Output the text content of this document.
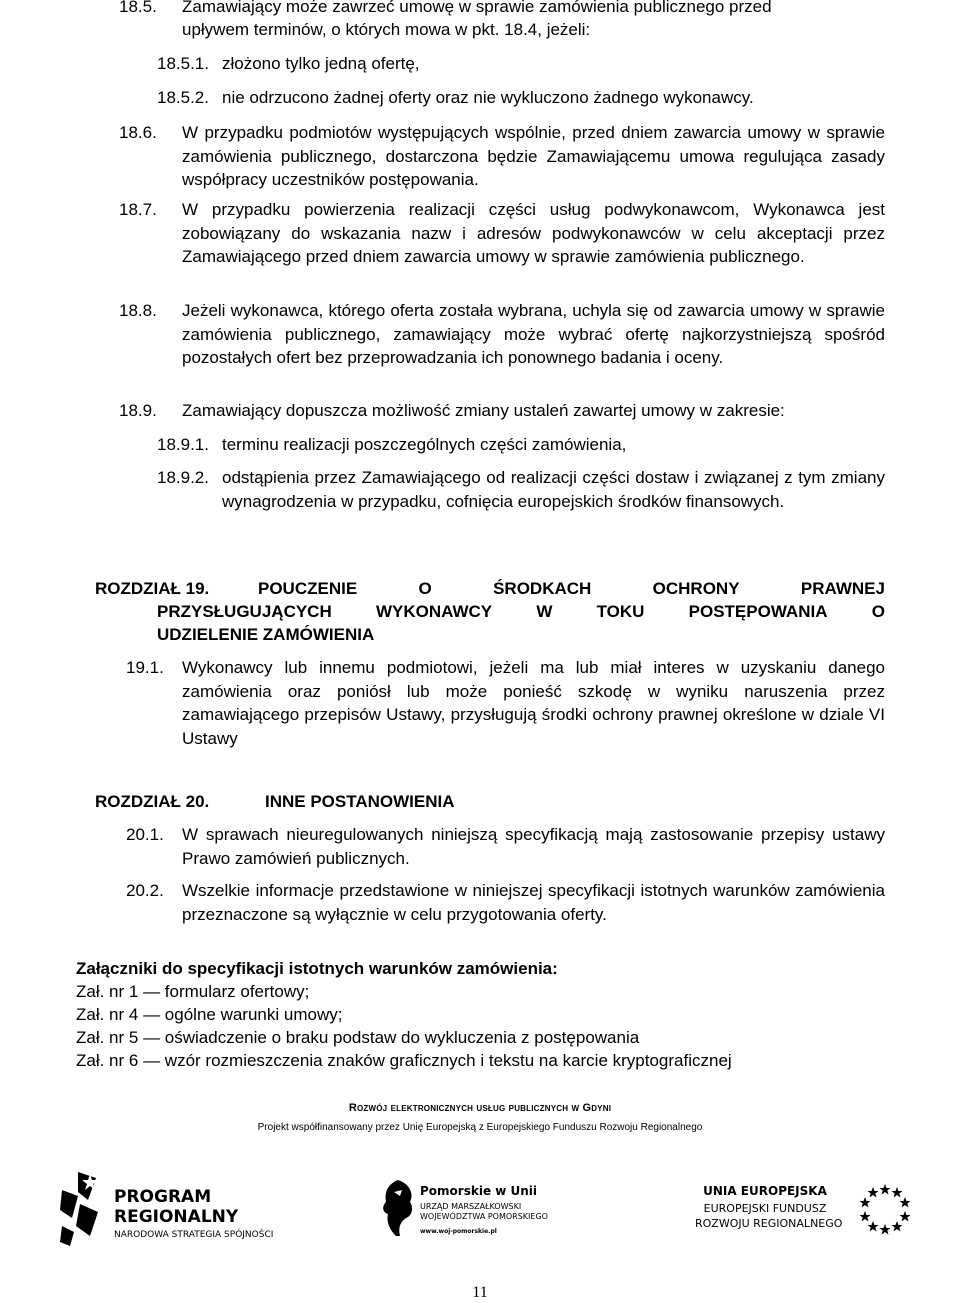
18.5. Zamawiający może zawrzeć umowę w sprawie zamówienia publicznego przed
upływem terminów, o których mowa w pkt. 18.4, jeżeli:
18.5.1. złożono tylko jedną ofertę,
18.5.2. nie odrzucono żadnej oferty oraz nie wykluczono żadnego wykonawcy.
18.6. W przypadku podmiotów występujących wspólnie, przed dniem zawarcia umowy w sprawie zamówienia publicznego, dostarczona będzie Zamawiającemu umowa regulująca zasady współpracy uczestników postępowania.
18.7. W przypadku powierzenia realizacji części usług podwykonawcom, Wykonawca jest zobowiązany do wskazania nazw i adresów podwykonawców w celu akceptacji przez Zamawiającego przed dniem zawarcia umowy w sprawie zamówienia publicznego.
18.8. Jeżeli wykonawca, którego oferta została wybrana, uchyla się od zawarcia umowy w sprawie zamówienia publicznego, zamawiający może wybrać ofertę najkorzystniejszą spośród pozostałych ofert bez przeprowadzania ich ponownego badania i oceny.
18.9. Zamawiający dopuszcza możliwość zmiany ustaleń zawartej umowy w zakresie:
18.9.1. terminu realizacji poszczególnych części zamówienia,
18.9.2. odstąpienia przez Zamawiającego od realizacji części dostaw i związanej z tym zmiany wynagrodzenia w przypadku, cofnięcia europejskich środków finansowych.
ROZDZIAŁ 19.	POUCZENIE	O	ŚRODKACH	OCHRONY	PRAWNEJ
PRZYSŁUGUJĄCYCH	WYKONAWCY	W	TOKU	POSTĘPOWANIA	O
UDZIELENIE ZAMÓWIENIA
19.1. Wykonawcy lub innemu podmiotowi, jeżeli ma lub miał interes w uzyskaniu danego zamówienia oraz poniósł lub może ponieść szkodę w wyniku naruszenia przez zamawiającego przepisów Ustawy, przysługują środki ochrony prawnej określone w dziale VI Ustawy
ROZDZIAŁ 20.	INNE POSTANOWIENIA
20.1. W sprawach nieuregulowanych niniejszą specyfikacją mają zastosowanie przepisy ustawy Prawo zamówień publicznych.
20.2. Wszelkie informacje przedstawione w niniejszej specyfikacji istotnych warunków zamówienia przeznaczone są wyłącznie w celu przygotowania oferty.
Załączniki do specyfikacji istotnych warunków zamówienia:
Zał. nr 1 — formularz ofertowy;
Zał. nr 4 — ogólne warunki umowy;
Zał. nr 5 — oświadczenie o braku podstaw do wykluczenia z postępowania
Zał. nr 6 — wzór rozmieszczenia znaków graficznych i tekstu na karcie kryptograficznej
Rozwój elektronicznych usług publicznych w Gdyni
Projekt współfinansowany przez Unię Europejską z Europejskiego Funduszu Rozwoju Regionalnego
PROGRAM
REGIONALNY
NARODOWA STRATEGIA SPÓJNOŚCI
Pomorskie w Unii
URZĄD MARSZAŁKOWSKI
WOJEWÓDZTWA POMORSKIEGO
www.woj-pomorskie.pl
UNIA EUROPEJSKA
EUROPEJSKI FUNDUSZ
ROZWOJU REGIONALNEGO
11
